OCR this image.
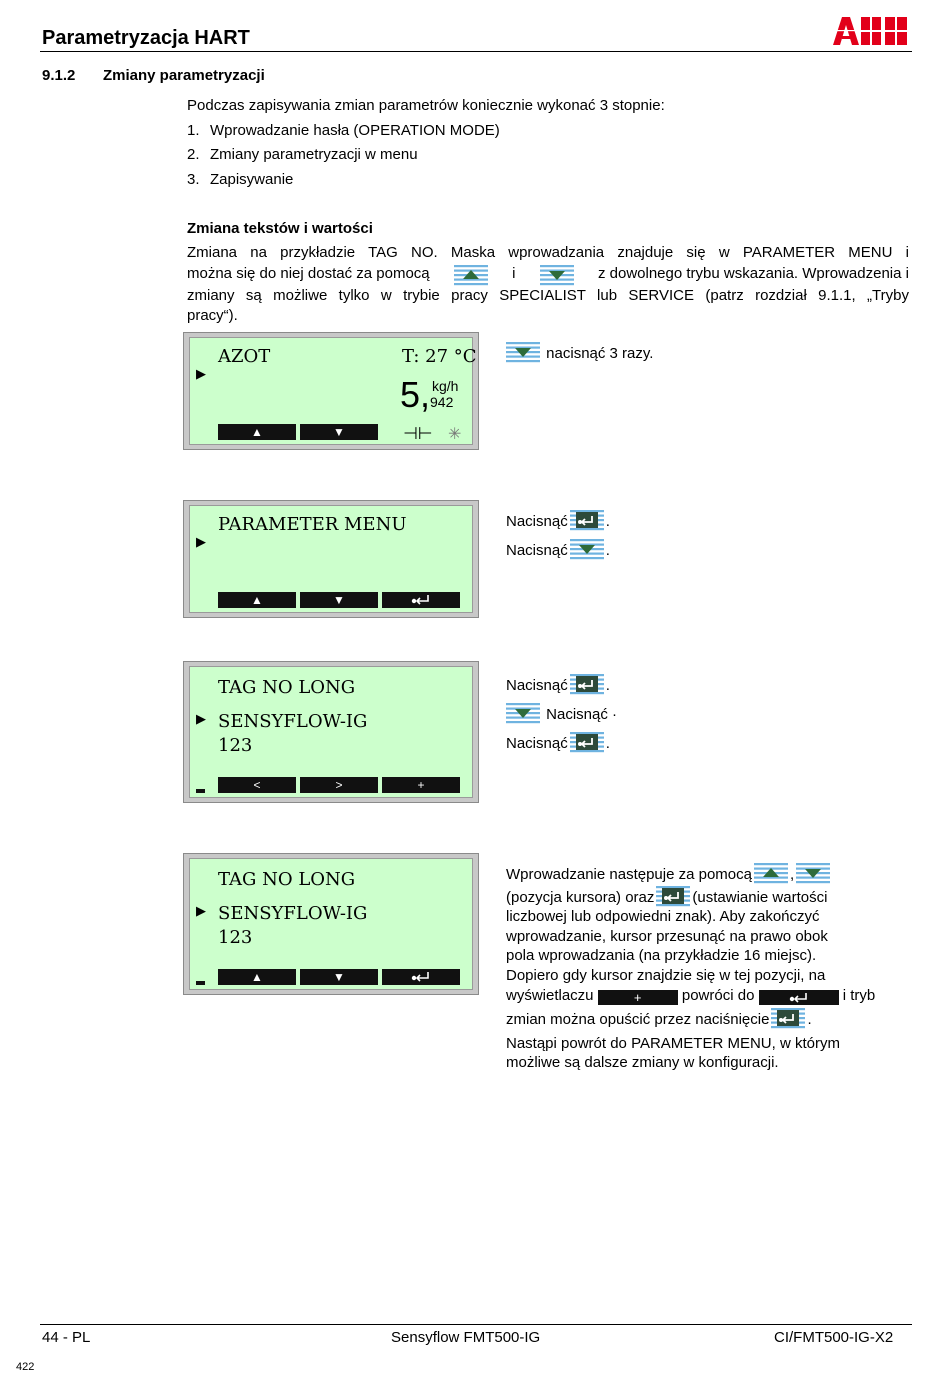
Parametryzacja HART
9.1.2 Zmiany parametryzacji
Podczas zapisywania zmian parametrów koniecznie wykonać 3 stopnie:
1. Wprowadzanie hasła (OPERATION MODE)
2. Zmiany parametryzacji w menu
3. Zapisywanie
Zmiana tekstów i wartości
Zmiana na przykładzie TAG NO. Maska wprowadzania znajduje się w PARAMETER MENU i
można się do niej dostać za pomocą	i	z dowolnego trybu wskazania. Wprowadzenia i
zmiany są możliwe tylko w trybie pracy SPECIALIST lub SERVICE (patrz rozdział 9.1.1, „Tryby
pracy“).
▶
AZOT	T: 27 °C
5, kg/h
942
▲	▼	⊣⊢ ✳
nacisnąć 3 razy.
▶
PARAMETER MENU
▲	▼
Nacisnąć	.
Nacisnąć	.
TAG NO LONG
▶ SENSYFLOW-IG
123
<	>	+
Nacisnąć	.
Nacisnąć ·
Nacisnąć	.
TAG NO LONG
▶ SENSYFLOW-IG
123
▲	▼
Wprowadzanie następuje za pomocą	,
(pozycja kursora) oraz	(ustawianie wartości
liczbowej lub odpowiedni znak). Aby zakończyć
wprowadzanie, kursor przesunąć na prawo obok
pola wprowadzania (na przykładzie 16 miejsc).
Dopiero gdy kursor znajdzie się w tej pozycji, na
wyświetlaczu	+	powróci do	i tryb
zmian można opuścić przez naciśnięcie	.
Nastąpi powrót do PARAMETER MENU, w którym
możliwe są dalsze zmiany w konfiguracji.
44 - PL	Sensyflow FMT500-IG	CI/FMT500-IG-X2
422
